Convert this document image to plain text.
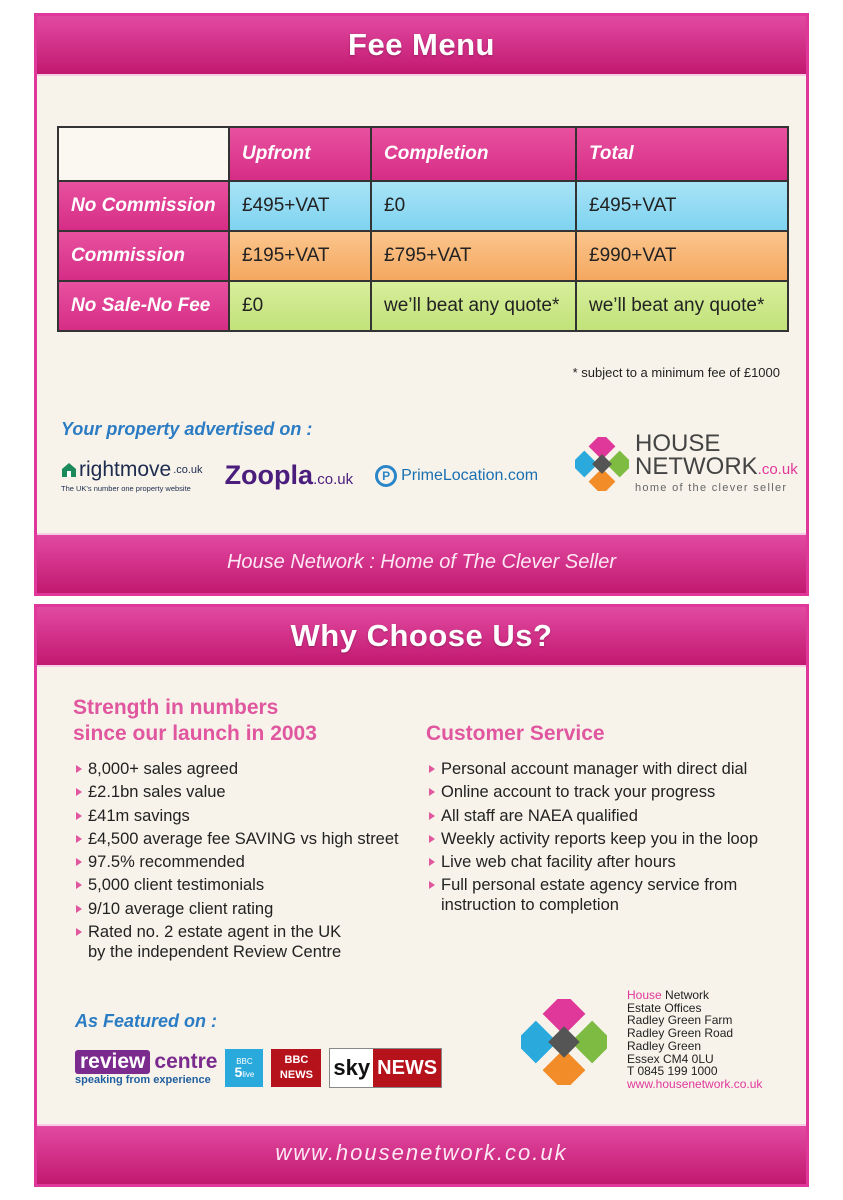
Fee Menu
	Upfront	Completion	Total
No Commission	£495+VAT	£0	£495+VAT
Commission	£195+VAT	£795+VAT	£990+VAT
No Sale-No Fee	£0	we’ll beat any quote*	we’ll beat any quote*
* subject to a minimum fee of £1000
Your property advertised on :
rightmove .co.uk
The UK's number one property website	Zoopla.co.uk	P PrimeLocation.com
HOUSE
NETWORK.co.uk
home of the clever seller
House Network : Home of The Clever Seller
Why Choose Us?
Strength in numbers
since our launch in 2003
8,000+ sales agreed
£2.1bn sales value
£41m savings
£4,500 average fee SAVING vs high street
97.5% recommended
5,000 client testimonials
9/10 average client rating
Rated no. 2 estate agent in the UK
by the independent Review Centre
Customer Service
Personal account manager with direct dial
Online account to track your progress
All staff are NAEA qualified
Weekly activity reports keep you in the loop
Live web chat facility after hours
Full personal estate agency service from
instruction to completion
As Featured on :
review centre
speaking from experience
BBC
5live
BBC
NEWS sky NEWS
House Network
Estate Offices
Radley Green Farm
Radley Green Road
Radley Green
Essex CM4 0LU
T 0845 199 1000
www.housenetwork.co.uk
www.housenetwork.co.uk
